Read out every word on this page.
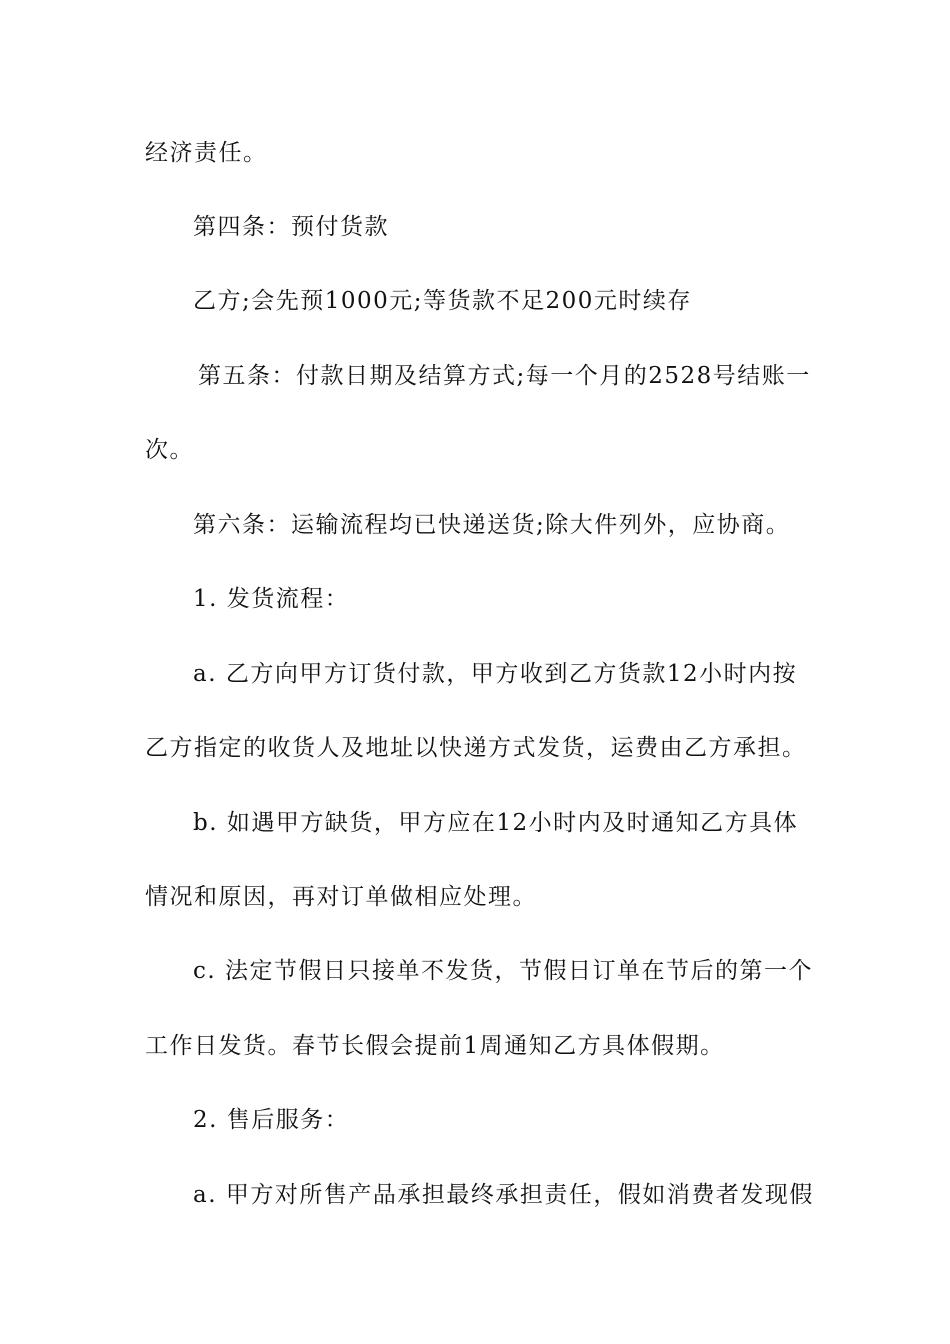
经济责任。
第四条：预付货款
乙方;会先预1000元;等货款不足200元时续存
第五条：付款日期及结算方式;每一个月的2528号结账一
次。
第六条：运输流程均已快递送货;除大件列外，应协商。
1. 发货流程：
a. 乙方向甲方订货付款，甲方收到乙方货款12小时内按
乙方指定的收货人及地址以快递方式发货，运费由乙方承担。
b. 如遇甲方缺货，甲方应在12小时内及时通知乙方具体
情况和原因，再对订单做相应处理。
c. 法定节假日只接单不发货，节假日订单在节后的第一个
工作日发货。春节长假会提前1周通知乙方具体假期。
2. 售后服务：
a. 甲方对所售产品承担最终承担责任，假如消费者发现假
